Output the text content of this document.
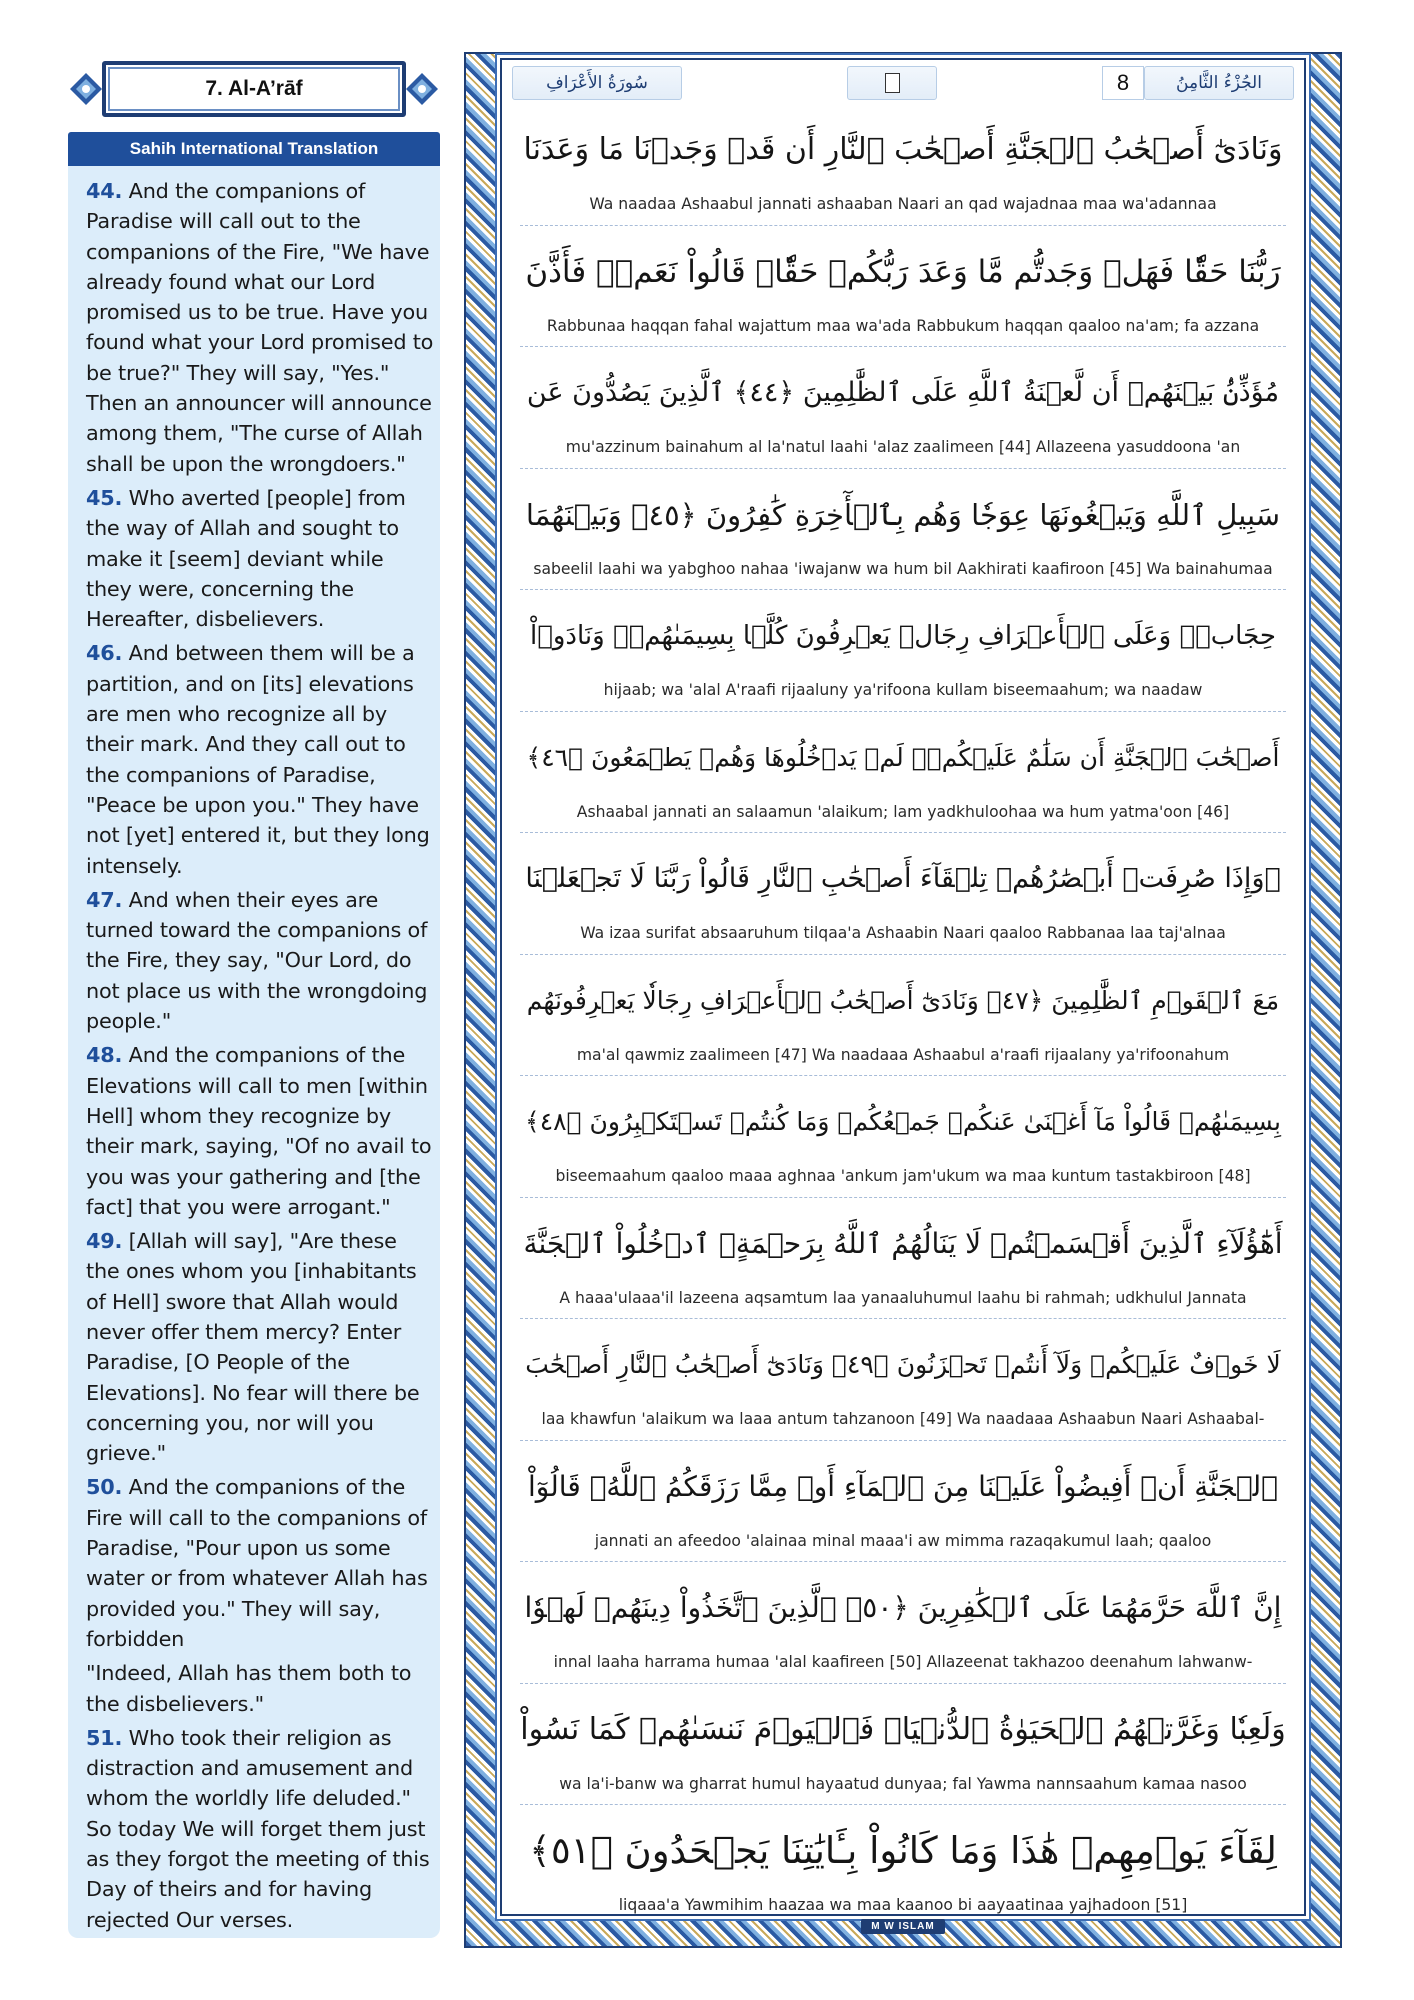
7. Al-A’rāf
Sahih International Translation

44. And the companions of Paradise will call out to the companions of the Fire, "We have already found what our Lord promised us to be true. Have you found what your Lord promised to be true?" They will say, "Yes." Then an announcer will announce among them, "The curse of Allah shall be upon the wrongdoers."

45. Who averted [people] from the way of Allah and sought to make it [seem] deviant while they were, concerning the Hereafter, disbelievers.

46. And between them will be a partition, and on [its] elevations are men who recognize all by their mark. And they call out to the companions of Paradise, "Peace be upon you." They have not [yet] entered it, but they long intensely.

47. And when their eyes are turned toward the companions of the Fire, they say, "Our Lord, do not place us with the wrongdoing people."

48. And the companions of the Elevations will call to men [within Hell] whom they recognize by their mark, saying, "Of no avail to you was your gathering and [the fact] that you were arrogant."

49. [Allah will say], "Are these the ones whom you [inhabitants of Hell] swore that Allah would never offer them mercy? Enter Paradise, [O People of the Elevations]. No fear will there be concerning you, nor will you grieve."

50. And the companions of the Fire will call to the companions of Paradise, "Pour upon us some water or from whatever Allah has provided you." They will say, forbidden

"Indeed, Allah has them both to the disbelievers."

51. Who took their religion as distraction and amusement and whom the worldly life deluded." So today We will forget them just as they forgot the meeting of this Day of theirs and for having rejected Our verses.

سُورَةُ الأَعْرَافِ	8	الجُزْءُ الثَّامِنُ
وَنَادَىٰٓ أَصۡحَٰبُ ٱلۡجَنَّةِ أَصۡحَٰبَ ٱلنَّارِ أَن قَدۡ وَجَدۡنَا مَا وَعَدَنَا
Wa naadaa Ashaabul jannati ashaaban Naari an qad wajadnaa maa wa'adannaa
رَبُّنَا حَقّٗا فَهَلۡ وَجَدتُّم مَّا وَعَدَ رَبُّكُمۡ حَقّٗاۖ قَالُواْ نَعَمۡۚ فَأَذَّنَ
Rabbunaa haqqan fahal wajattum maa wa'ada Rabbukum haqqan qaaloo na'am; fa azzana
مُؤَذِّنُۢ بَيۡنَهُمۡ أَن لَّعۡنَةُ ٱللَّهِ عَلَى ٱلظَّٰلِمِينَ ﴿٤٤﴾ ٱلَّذِينَ يَصُدُّونَ عَن
mu'azzinum bainahum al la'natul laahi 'alaz zaalimeen [44] Allazeena yasuddoona 'an
سَبِيلِ ٱللَّهِ وَيَبۡغُونَهَا عِوَجٗا وَهُم بِٱلۡأٓخِرَةِ كَٰفِرُونَ ﴿٤٥﴾ وَبَيۡنَهُمَا
sabeelil laahi wa yabghoo nahaa 'iwajanw wa hum bil Aakhirati kaafiroon [45] Wa bainahumaa
حِجَابٞۚ وَعَلَى ٱلۡأَعۡرَافِ رِجَالٞ يَعۡرِفُونَ كُلَّۢا بِسِيمَىٰهُمۡۚ وَنَادَوۡاْ
hijaab; wa 'alal A'raafi rijaaluny ya'rifoona kullam biseemaahum; wa naadaw
أَصۡحَٰبَ ٱلۡجَنَّةِ أَن سَلَٰمٌ عَلَيۡكُمۡۚ لَمۡ يَدۡخُلُوهَا وَهُمۡ يَطۡمَعُونَ ﴿٤٦﴾
Ashaabal jannati an salaamun 'alaikum; lam yadkhuloohaa wa hum yatma'oon [46]
۞وَإِذَا صُرِفَتۡ أَبۡصَٰرُهُمۡ تِلۡقَآءَ أَصۡحَٰبِ ٱلنَّارِ قَالُواْ رَبَّنَا لَا تَجۡعَلۡنَا
Wa izaa surifat absaaruhum tilqaa'a Ashaabin Naari qaaloo Rabbanaa laa taj'alnaa
مَعَ ٱلۡقَوۡمِ ٱلظَّٰلِمِينَ ﴿٤٧﴾ وَنَادَىٰٓ أَصۡحَٰبُ ٱلۡأَعۡرَافِ رِجَالٗا يَعۡرِفُونَهُم
ma'al qawmiz zaalimeen [47] Wa naadaaa Ashaabul a'raafi rijaalany ya'rifoonahum
بِسِيمَىٰهُمۡ قَالُواْ مَآ أَغۡنَىٰ عَنكُمۡ جَمۡعُكُمۡ وَمَا كُنتُمۡ تَسۡتَكۡبِرُونَ ﴿٤٨﴾
biseemaahum qaaloo maaa aghnaa 'ankum jam'ukum wa maa kuntum tastakbiroon [48]
أَهَٰٓؤُلَآءِ ٱلَّذِينَ أَقۡسَمۡتُمۡ لَا يَنَالُهُمُ ٱللَّهُ بِرَحۡمَةٍۚ ٱدۡخُلُواْ ٱلۡجَنَّةَ
A haaa'ulaaa'il lazeena aqsamtum laa yanaaluhumul laahu bi rahmah; udkhulul Jannata
لَا خَوۡفٌ عَلَيۡكُمۡ وَلَآ أَنتُمۡ تَحۡزَنُونَ ﴿٤٩﴾ وَنَادَىٰٓ أَصۡحَٰبُ ٱلنَّارِ أَصۡحَٰبَ
laa khawfun 'alaikum wa laaa antum tahzanoon [49] Wa naadaaa Ashaabun Naari Ashaabal-
ٱلۡجَنَّةِ أَنۡ أَفِيضُواْ عَلَيۡنَا مِنَ ٱلۡمَآءِ أَوۡ مِمَّا رَزَقَكُمُ ٱللَّهُۚ قَالُوٓاْ
jannati an afeedoo 'alainaa minal maaa'i aw mimma razaqakumul laah; qaaloo
إِنَّ ٱللَّهَ حَرَّمَهُمَا عَلَى ٱلۡكَٰفِرِينَ ﴿٥٠﴾ ٱلَّذِينَ ٱتَّخَذُواْ دِينَهُمۡ لَهۡوٗا
innal laaha harrama humaa 'alal kaafireen [50] Allazeenat takhazoo deenahum lahwanw-
وَلَعِبٗا وَغَرَّتۡهُمُ ٱلۡحَيَوٰةُ ٱلدُّنۡيَاۚ فَٱلۡيَوۡمَ نَنسَىٰهُمۡ كَمَا نَسُواْ
wa la'i-banw wa gharrat humul hayaatud dunyaa; fal Yawma nannsaahum kamaa nasoo
لِقَآءَ يَوۡمِهِمۡ هَٰذَا وَمَا كَانُواْ بِـَٔايَٰتِنَا يَجۡحَدُونَ ﴿٥١﴾
liqaaa'a Yawmihim haazaa wa maa kaanoo bi aayaatinaa yajhadoon [51]
M W ISLAM
